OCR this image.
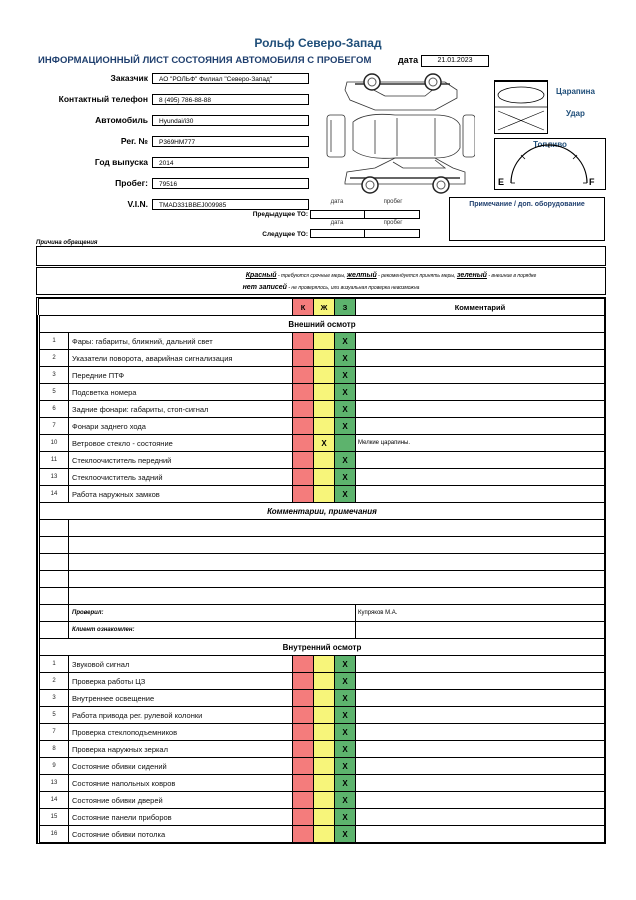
Рольф Северо-Запад
ИНФОРМАЦИОННЫЙ ЛИСТ СОСТОЯНИЯ АВТОМОБИЛЯ С ПРОБЕГОМ	дата	21.01.2023
Заказчик	АО "РОЛЬФ" Филиал "Северо-Запад"
Контактный телефон	8 (495) 786-88-88
Автомобиль	Hyundai/i30
Рег. №	Р369НМ777
Год выпуска	2014
Пробег:	79516
V.I.N.	TMAD331BBEJ009985	дата	пробег
Предыдущее ТО:
дата	пробег
Следущее ТО:
Царапина
Удар
Топливо
E	F
Примечание / доп. оборудование
Причина обращения
Красный - требуются срочные меры, желтый - рекомендуется принять меры, зеленый - внешние в порядке
нет записей - не проверялось, или визуальная проверка невозможна
		К	Ж	З	Комментарий
Внешний осмотр					
1	Фары: габариты, ближний, дальний свет			X	
2	Указатели поворота, аварийная сигнализация			X	
3	Передние ПТФ			X	
5	Подсветка номера			X	
6	Задние фонари: габариты, стоп-сигнал			X	
7	Фонари заднего хода			X	
10	Ветровое стекло - состояние		X		Мелкие царапины.
11	Стеклоочиститель передний			X	
13	Стеклоочиститель задний			X	
14	Работа наружных замков			X	
Комментарии, примечания					

	Проверил:				Купряков М.А.
	Клиент ознакомлен:				
Внутренний осмотр					
1	Звуковой сигнал			X	
2	Проверка работы ЦЗ			X	
3	Внутреннее освещение			X	
5	Работа привода рег. рулевой колонки			X	
7	Проверка стеклоподъемников			X	
8	Проверка наружных зеркал			X	
9	Состояние обивки сидений			X	
13	Состояние напольных ковров			X	
14	Состояние обивки дверей			X	
15	Состояние панели приборов			X	
16	Состояние обивки потолка			X	
